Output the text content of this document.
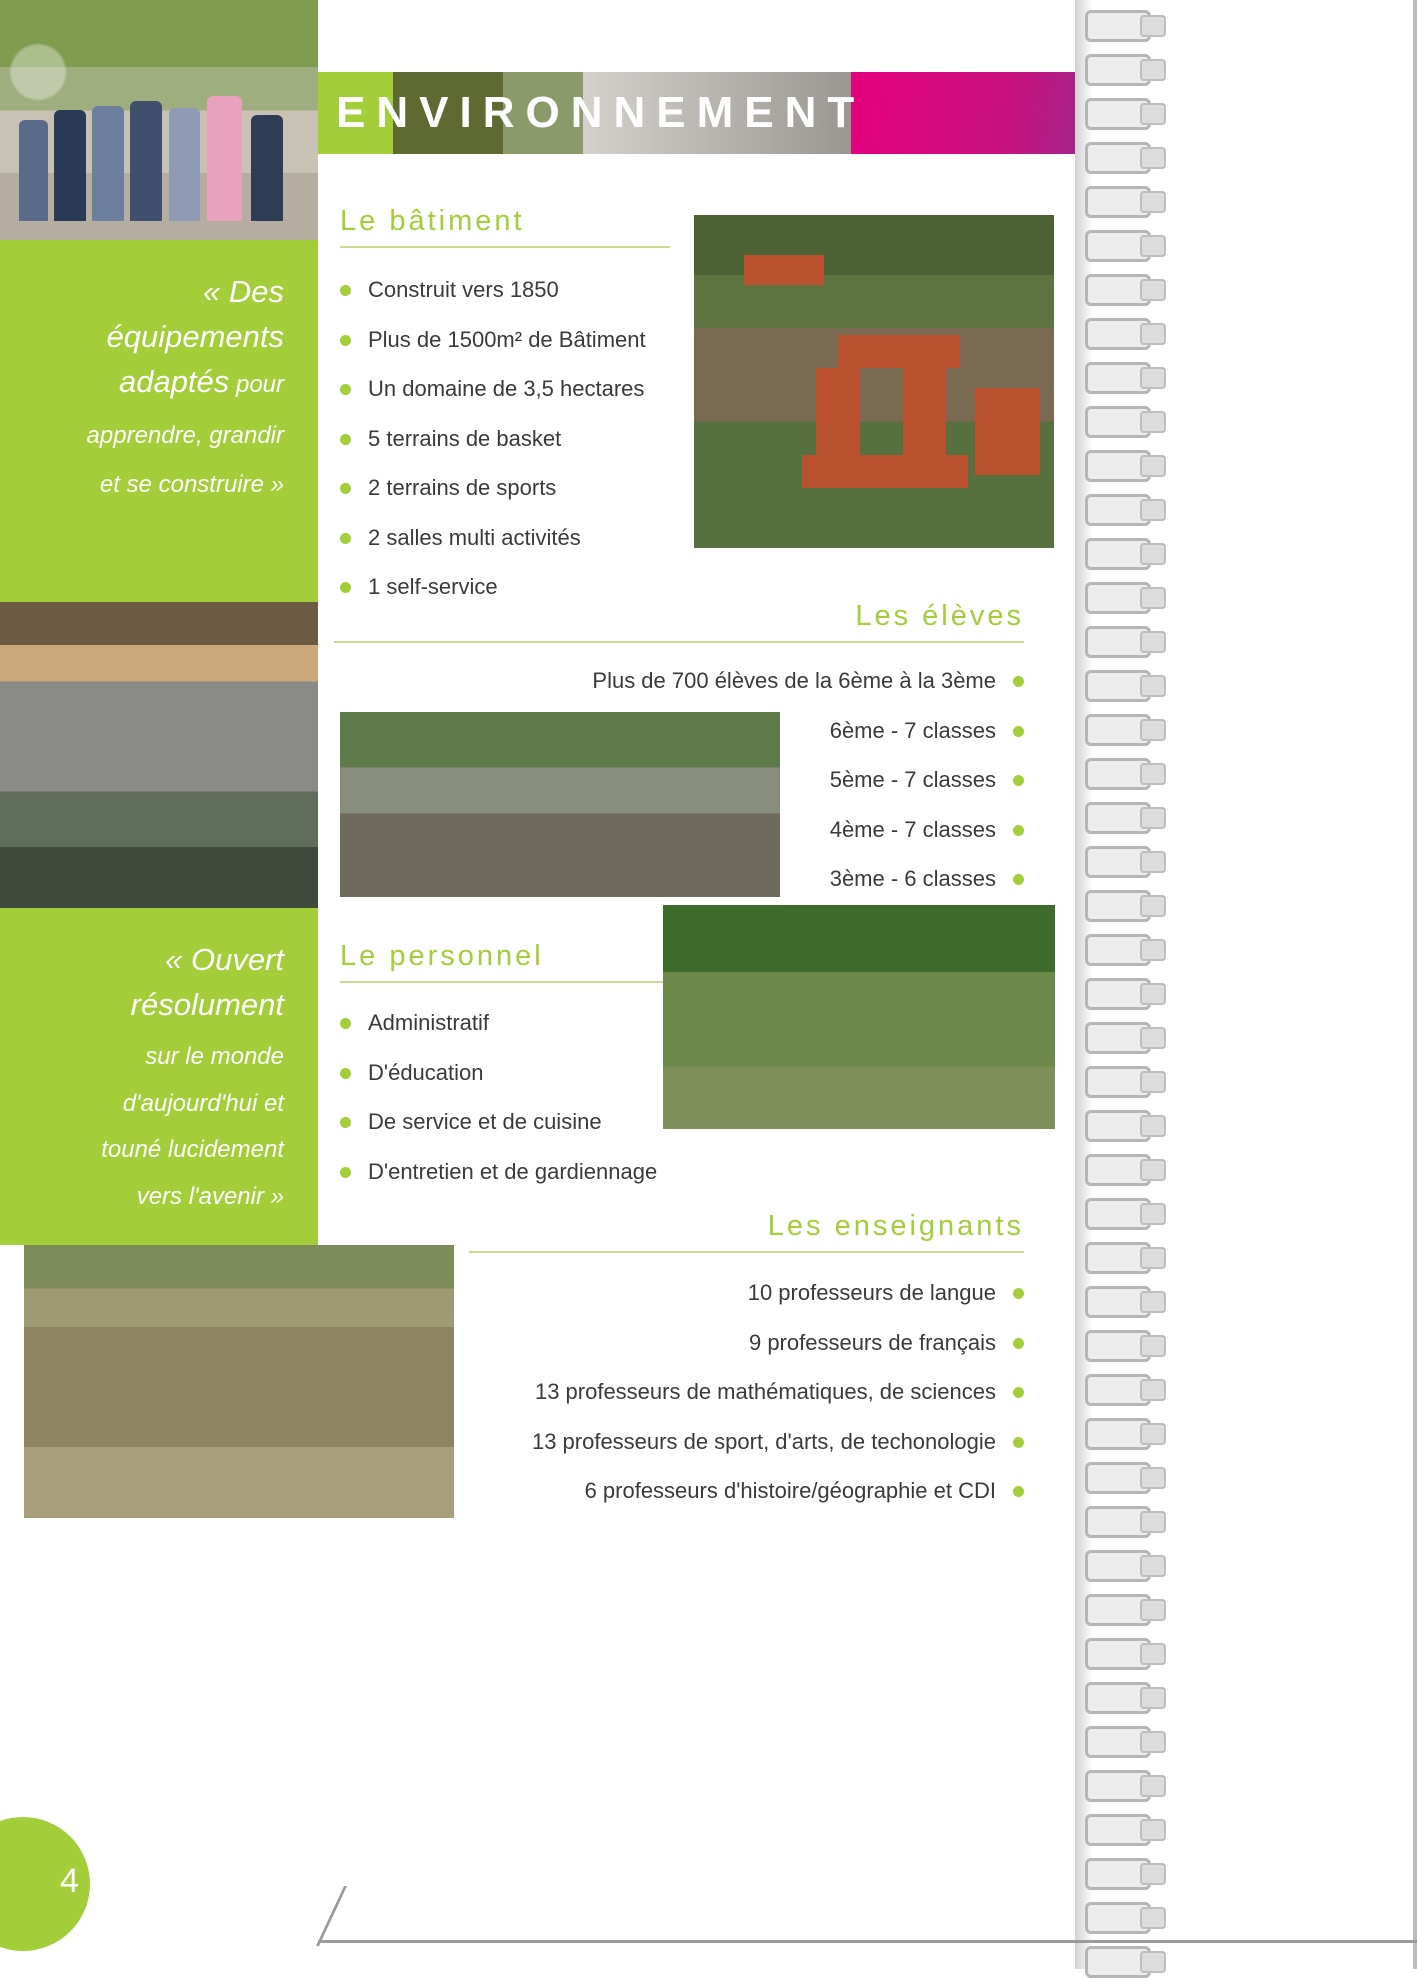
« Des
équipements
adaptés pour
apprendre, grandir
et se construire »
« Ouvert
résolument
sur le monde
d'aujourd'hui et
touné lucidement
vers l'avenir »
4
ENVIRONNEMENT
Le bâtiment
Construit vers 1850
Plus de 1500m² de Bâtiment
Un domaine de 3,5 hectares
5 terrains de basket
2 terrains de sports
2 salles multi activités
1 self-service
Les élèves
Plus de 700 élèves de la 6ème à la 3ème
6ème - 7 classes
5ème - 7 classes
4ème - 7 classes
3ème - 6 classes
Le personnel
Administratif
D'éducation
De service et de cuisine
D'entretien et de gardiennage
Les enseignants
10 professeurs de langue
9 professeurs de français
13 professeurs de mathématiques, de sciences
13 professeurs de sport, d'arts, de techonologie
6 professeurs d'histoire/géographie et CDI
